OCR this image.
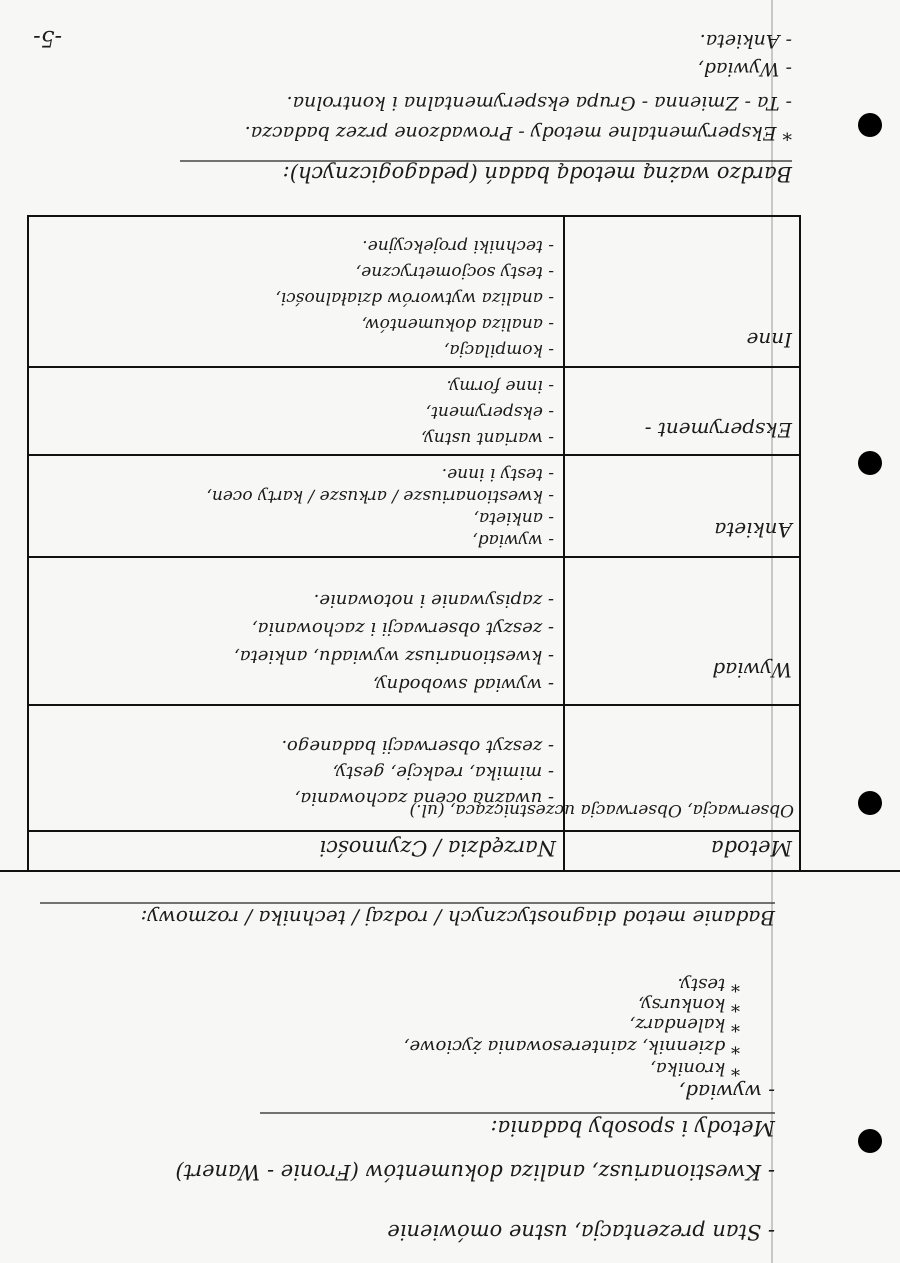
-5-
- Stan prezentacja, ustne omówienie
- Kwestionariusz, analiza dokumentów (Fronie - Wanert)
Metody i sposoby badania:
- wywiad,
* kronika,
* dziennik, zainteresowania życiowe,
* kalendarz,
* konkursy,
* testy.
Badanie metod diagnostycznych / rodzaj / technika / rozmowy:
Metoda
Narzędzia / Czynności
Obserwacja, Obserwacja uczestnicząca, (ul.)
- uważna ocena zachowania,
- mimika, reakcje, gesty,
- zeszyt obserwacji badanego.
Wywiad
- wywiad swobodny,
- kwestionariusz wywiadu, ankieta,
- zeszyt obserwacji i zachowania,
- zapisywanie i notowanie.
Ankieta
- wywiad,
- ankieta,
- kwestionariusze / arkusze / karty ocen,
- testy i inne.
Eksperyment -
- wariant ustny,
- eksperyment,
- inne formy.
Inne
- kompilacja,
- analiza dokumentów,
- analiza wytworów działalności,
- testy socjometryczne,
- techniki projekcyjne.
Bardzo ważną metodą badań (pedagogicznych):
* Eksperymentalne metody - Prowadzone przez badacza.
- Ta - Zmienna - Grupa eksperymentalna i kontrolna.
- Wywiad,
- Ankieta.
